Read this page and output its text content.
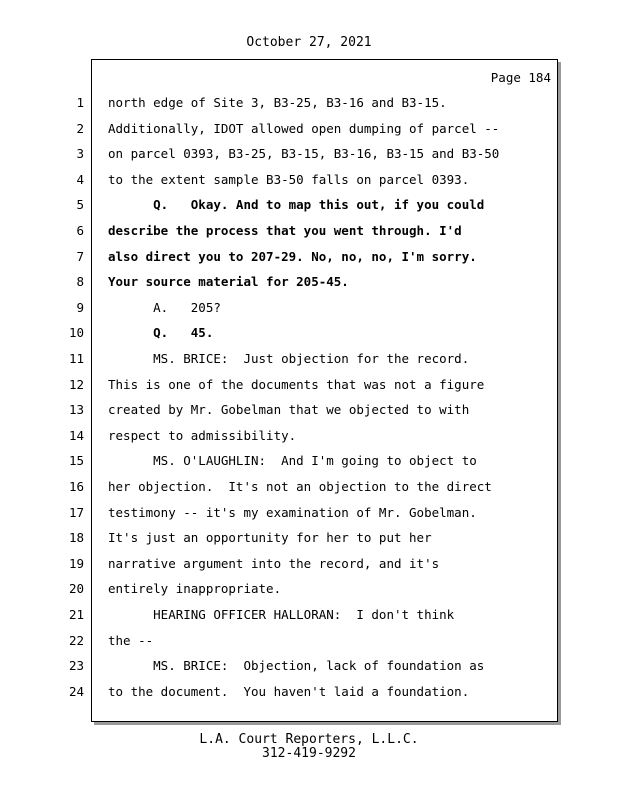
October 27, 2021
Page 184
1 north edge of Site 3, B3-25, B3-16 and B3-15.
2 Additionally, IDOT allowed open dumping of parcel --
3 on parcel 0393, B3-25, B3-15, B3-16, B3-15 and B3-50
4 to the extent sample B3-50 falls on parcel 0393.
5 Q.   Okay. And to map this out, if you could
6 describe the process that you went through. I'd
7 also direct you to 207-29. No, no, no, I'm sorry.
8 Your source material for 205-45.
9 A.   205?
10 Q.   45.
11 MS. BRICE:  Just objection for the record.
12 This is one of the documents that was not a figure
13 created by Mr. Gobelman that we objected to with
14 respect to admissibility.
15 MS. O'LAUGHLIN:  And I'm going to object to
16 her objection.  It's not an objection to the direct
17 testimony -- it's my examination of Mr. Gobelman.
18 It's just an opportunity for her to put her
19 narrative argument into the record, and it's
20 entirely inappropriate.
21 HEARING OFFICER HALLORAN:  I don't think
22 the --
23 MS. BRICE:  Objection, lack of foundation as
24 to the document.  You haven't laid a foundation.
L.A. Court Reporters, L.L.C.
312-419-9292
